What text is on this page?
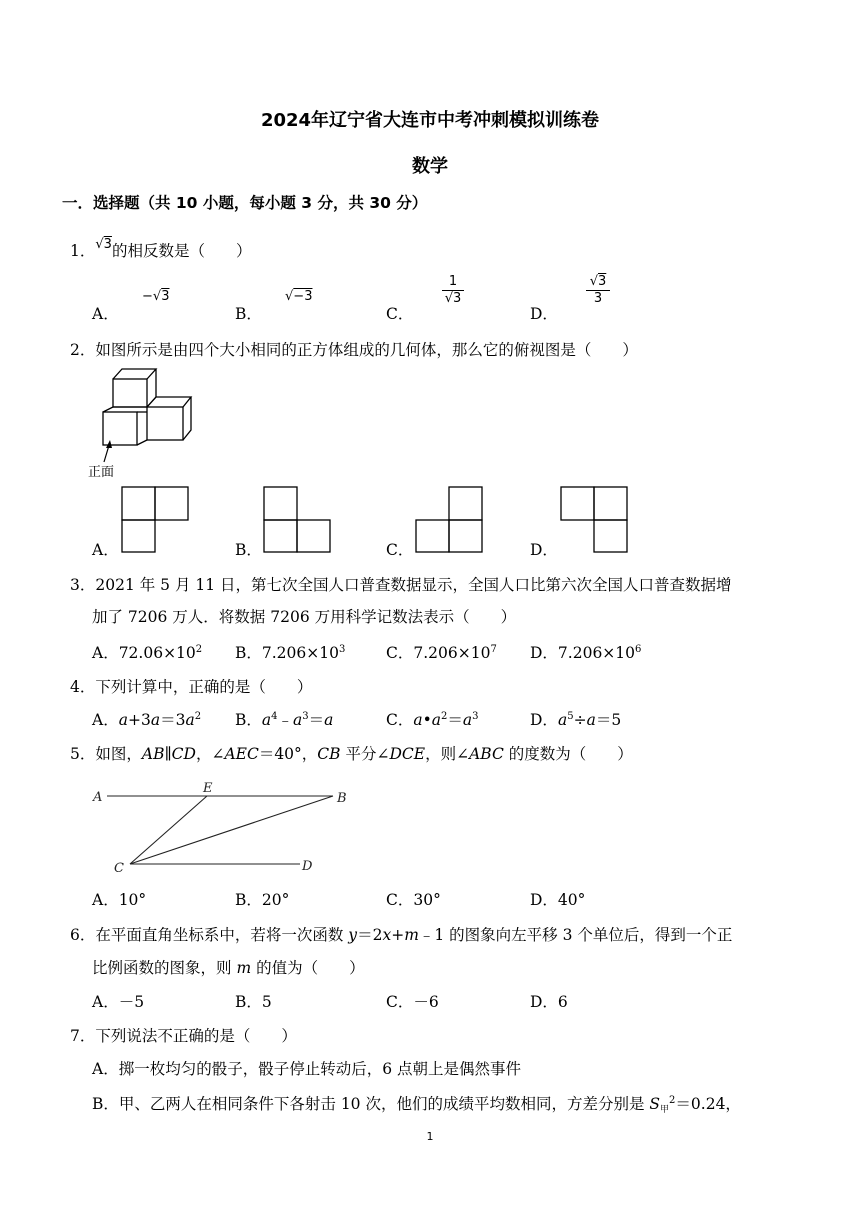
2024年辽宁省大连市中考冲刺模拟训练卷
数学
一．选择题（共 10 小题，每小题 3 分，共 30 分）
1．$^{√3}$的相反数是（　　）
A．
−√3
B．
√−3
C．
1

√3
D．
√3

3
2．如图所示是由四个大小相同的正方体组成的几何体，那么它的俯视图是（　　）
正面
A．	B．	C．	D．
3．2021 年 5 月 11 日，第七次全国人口普查数据显示，全国人口比第六次全国人口普查数据增
加了 7206 万人．将数据 7206 万用科学记数法表示（　　）
A．$72.06\times 10^2$ B．$7.206\times 10^3$	C．$7.206\times 10^7$ D．$7.206\times 10^6$
4．下列计算中，正确的是（　　）
A．$a+3a=3a^2$ B．$a^4﹣a^3=a$	C．$a•a^2=a^3$	D．$a^5\div a=5$
5．如图，AB∥CD，∠AEC＝40°，CB 平分∠DCE，则∠ABC 的度数为（　　）
A
E
B
C	D
A．10°	B．20°	C．30°	D．40°
6．在平面直角坐标系中，若将一次函数 y＝2x+m﹣1 的图象向左平移 3 个单位后，得到一个正
比例函数的图象，则 m 的值为（　　）
A．－5	B．5	C．－6	D．6
7．下列说法不正确的是（　　）
A．掷一枚均匀的骰子，骰子停止转动后，6 点朝上是偶然事件
B．甲、乙两人在相同条件下各射击 10 次，他们的成绩平均数相同，方差分别是 $S_甲^2=0.24$，
1
